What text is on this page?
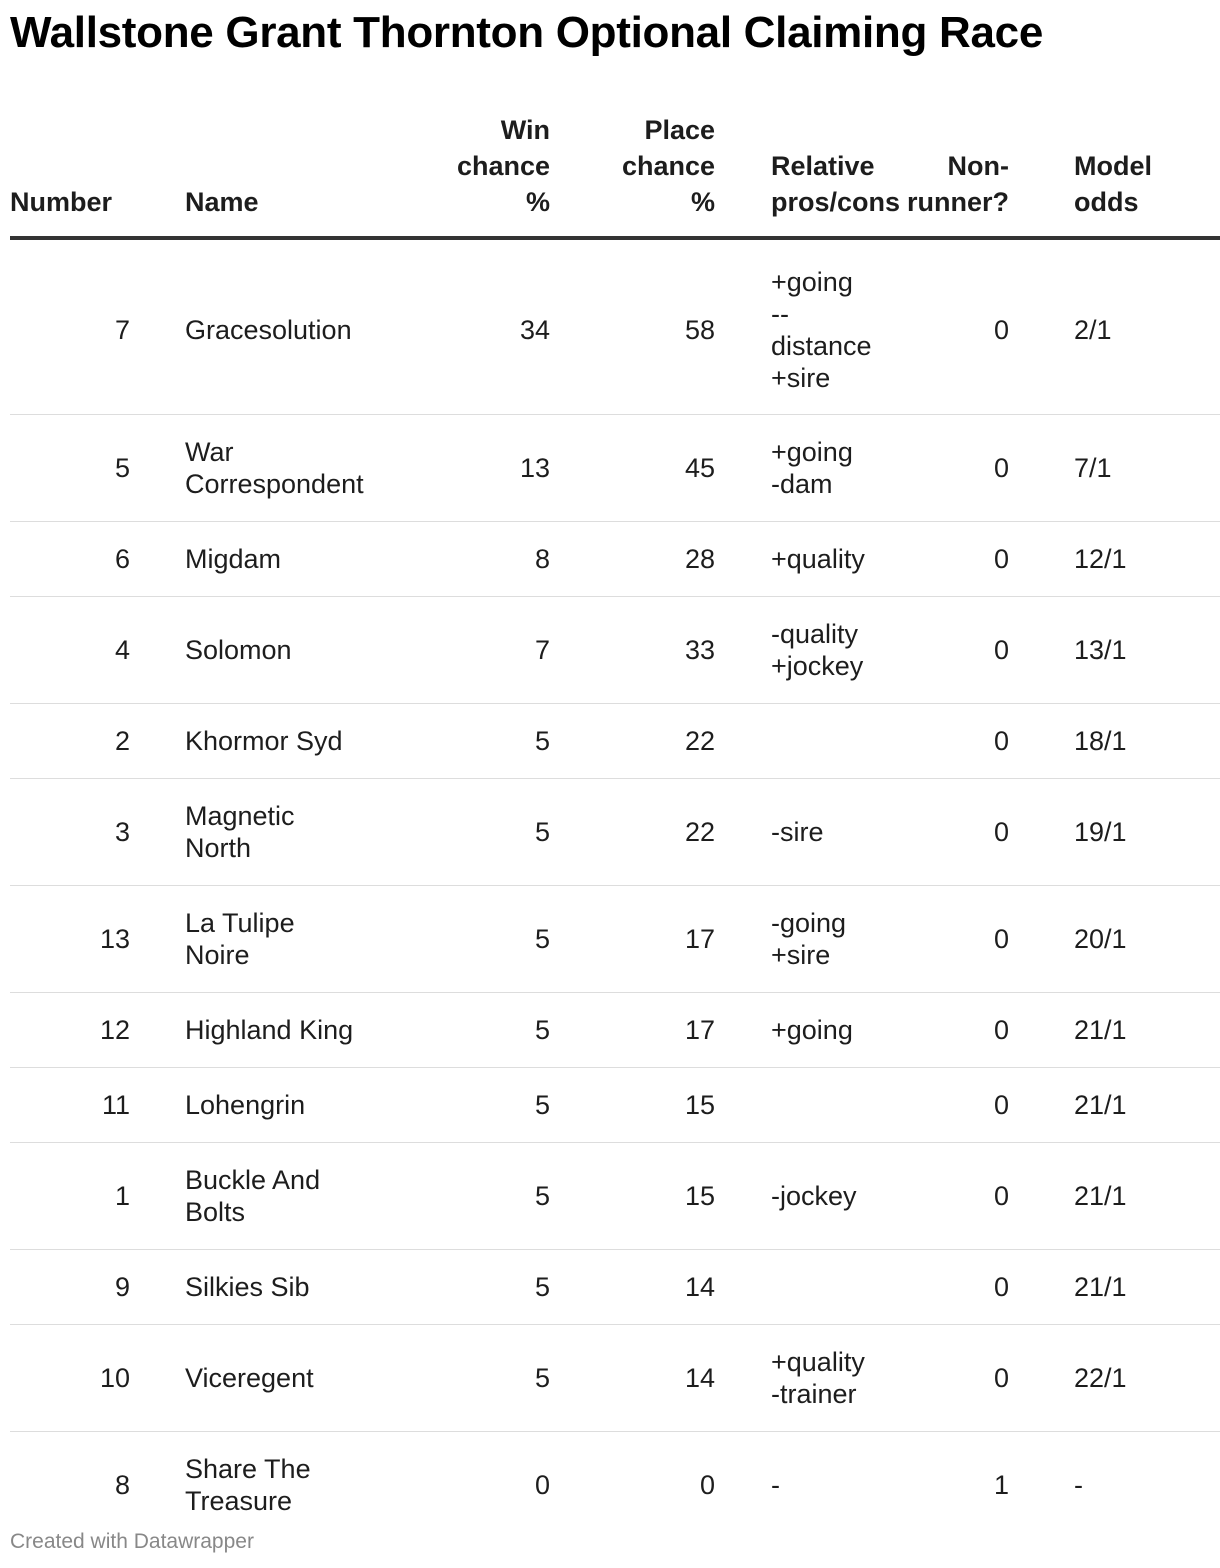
Wallstone Grant Thornton Optional Claiming Race
Number	Name	Win
chance
%	Place
chance
%	Relative
pros/cons	Non-
runner?	Model
odds
7	Gracesolution	34	58	+going
--distance
+sire	0	2/1
5	War
Correspondent	13	45	+going
-dam	0	7/1
6	Migdam	8	28	+quality	0	12/1
4	Solomon	7	33	-quality
+jockey	0	13/1
2	Khormor Syd	5	22		0	18/1
3	Magnetic
North	5	22	-sire	0	19/1
13	La Tulipe
Noire	5	17	-going
+sire	0	20/1
12	Highland King	5	17	+going	0	21/1
11	Lohengrin	5	15		0	21/1
1	Buckle And
Bolts	5	15	-jockey	0	21/1
9	Silkies Sib	5	14		0	21/1
10	Viceregent	5	14	+quality
-trainer	0	22/1
8	Share The
Treasure	0	0	-	1	-
Created with Datawrapper
